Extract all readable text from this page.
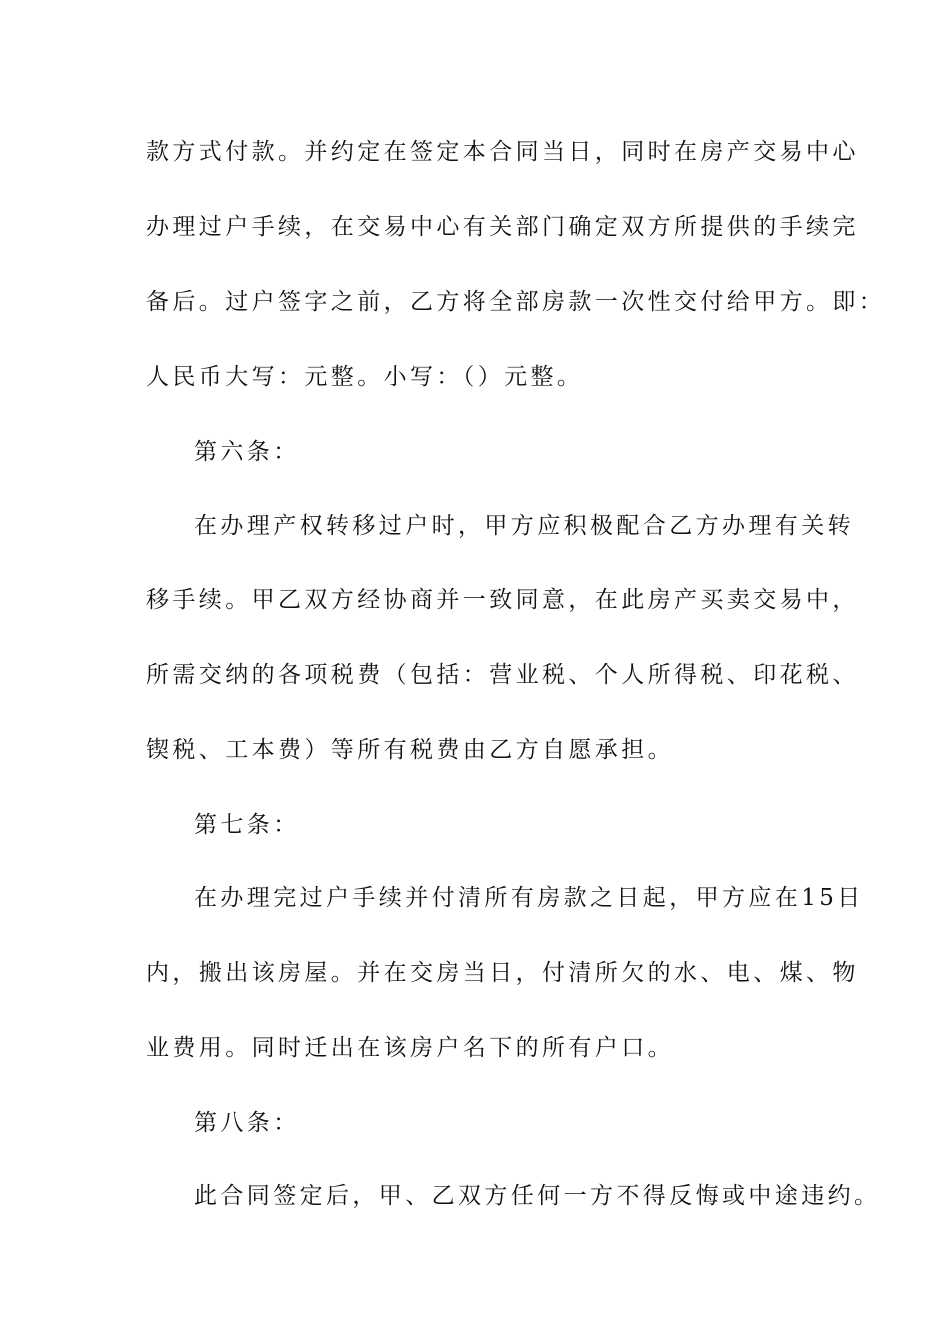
款方式付款。并约定在签定本合同当日，同时在房产交易中心
办理过户手续，在交易中心有关部门确定双方所提供的手续完
备后。过户签字之前，乙方将全部房款一次性交付给甲方。即：
人民币大写：元整。小写：（）元整。
第六条：
在办理产权转移过户时，甲方应积极配合乙方办理有关转
移手续。甲乙双方经协商并一致同意，在此房产买卖交易中，
所需交纳的各项税费（包括：营业税、个人所得税、印花税、
锲税、工本费）等所有税费由乙方自愿承担。
第七条：
在办理完过户手续并付清所有房款之日起，甲方应在15日
内，搬出该房屋。并在交房当日，付清所欠的水、电、煤、物
业费用。同时迁出在该房户名下的所有户口。
第八条：
此合同签定后，甲、乙双方任何一方不得反悔或中途违约。
